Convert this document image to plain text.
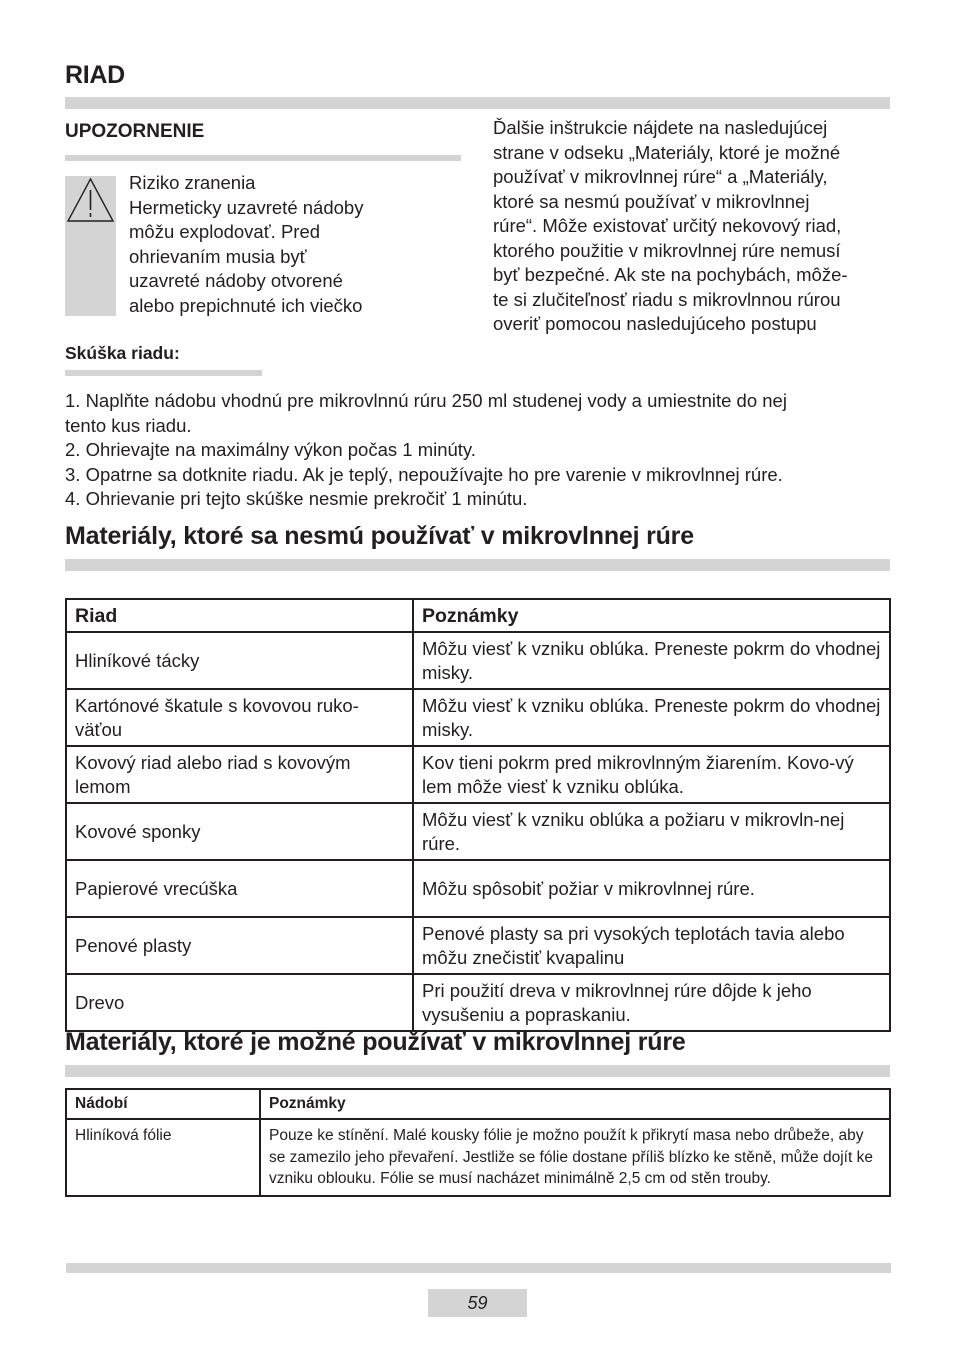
RIAD
UPOZORNENIE
Riziko zranenia
Hermeticky uzavreté nádoby
môžu explodovať. Pred
ohrievaním musia byť
uzavreté nádoby otvorené
alebo prepichnuté ich viečko
Ďalšie inštrukcie nájdete na nasledujúcej
strane v odseku „Materiály, ktoré je možné
používať v mikrovlnnej rúre“ a „Materiály,
ktoré sa nesmú používať v mikrovlnnej
rúre“. Môže existovať určitý nekovový riad,
ktorého použitie v mikrovlnnej rúre nemusí
byť bezpečné. Ak ste na pochybách, môže-
te si zlučiteľnosť riadu s mikrovlnnou rúrou
overiť pomocou nasledujúceho postupu
Skúška riadu:
1. Naplňte nádobu vhodnú pre mikrovlnnú rúru 250 ml studenej vody a umiestnite do nej
tento kus riadu.
2. Ohrievajte na maximálny výkon počas 1 minúty.
3. Opatrne sa dotknite riadu. Ak je teplý, nepoužívajte ho pre varenie v mikrovlnnej rúre.
4. Ohrievanie pri tejto skúške nesmie prekročiť 1 minútu.
Materiály, ktoré sa nesmú používať v mikrovlnnej rúre
Riad	Poznámky
Hliníkové tácky	Môžu viesť k vzniku oblúka. Preneste pokrm do vhodnej misky.
Kartónové škatule s kovovou ruko-väťou	Môžu viesť k vzniku oblúka. Preneste pokrm do vhodnej misky.
Kovový riad alebo riad s kovovým lemom	Kov tieni pokrm pred mikrovlnným žiarením. Kovo-vý lem môže viesť k vzniku oblúka.
Kovové sponky	Môžu viesť k vzniku oblúka a požiaru v mikrovln-nej rúre.
Papierové vrecúška	Môžu spôsobiť požiar v mikrovlnnej rúre.
Penové plasty	Penové plasty sa pri vysokých teplotách tavia alebo môžu znečistiť kvapalinu
Drevo	Pri použití dreva v mikrovlnnej rúre dôjde k jeho vysušeniu a popraskaniu.
Materiály, ktoré je možné používať v mikrovlnnej rúre
Nádobí	Poznámky
Hliníková fólie	Pouze ke stínění. Malé kousky fólie je možno použít k přikrytí masa nebo drůbeže, aby se zamezilo jeho převaření. Jestliže se fólie dostane příliš blízko ke stěně, může dojít ke vzniku oblouku. Fólie se musí nacházet minimálně 2,5 cm od stěn trouby.
59
